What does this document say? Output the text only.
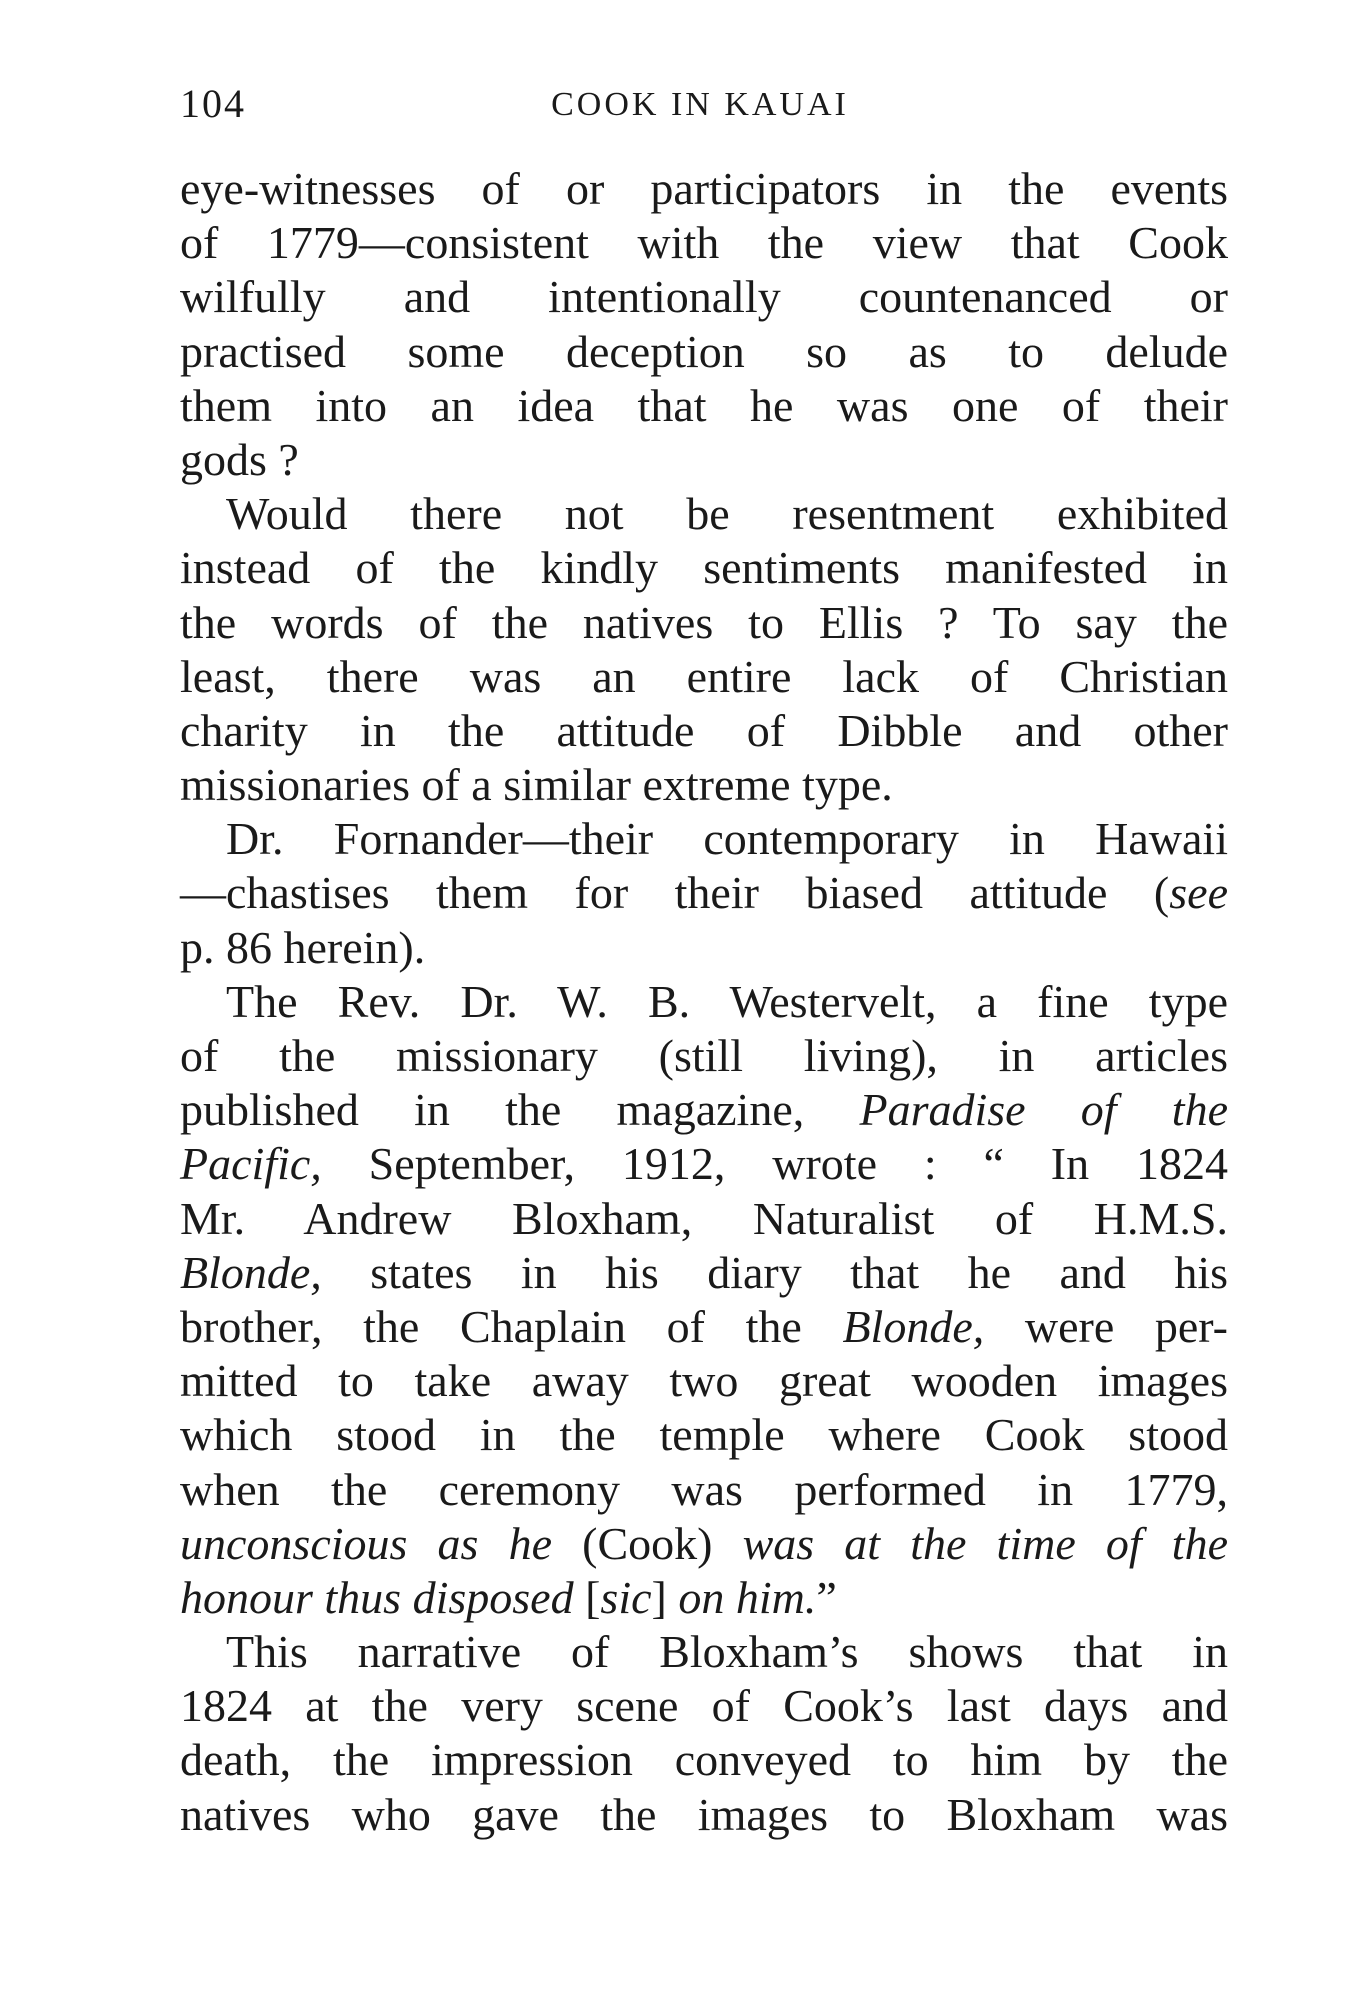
104	COOK IN KAUAI
eye-witnesses of or participators in the events
of 1779—consistent with the view that Cook
wilfully and intentionally countenanced or
practised some deception so as to delude
them into an idea that he was one of their
gods ?
Would there not be resentment exhibited
instead of the kindly sentiments manifested in
the words of the natives to Ellis ? To say the
least, there was an entire lack of Christian
charity in the attitude of Dibble and other
missionaries of a similar extreme type.
Dr. Fornander—their contemporary in Hawaii
—chastises them for their biased attitude (see
p. 86 herein).
The Rev. Dr. W. B. Westervelt, a fine type
of the missionary (still living), in articles
published in the magazine, Paradise of the
Pacific, September, 1912, wrote : “ In 1824
Mr. Andrew Bloxham, Naturalist of H.M.S.
Blonde, states in his diary that he and his
brother, the Chaplain of the Blonde, were per-
mitted to take away two great wooden images
which stood in the temple where Cook stood
when the ceremony was performed in 1779,
unconscious as he (Cook) was at the time of the
honour thus disposed [sic] on him.”
This narrative of Bloxham’s shows that in
1824 at the very scene of Cook’s last days and
death, the impression conveyed to him by the
natives who gave the images to Bloxham was
